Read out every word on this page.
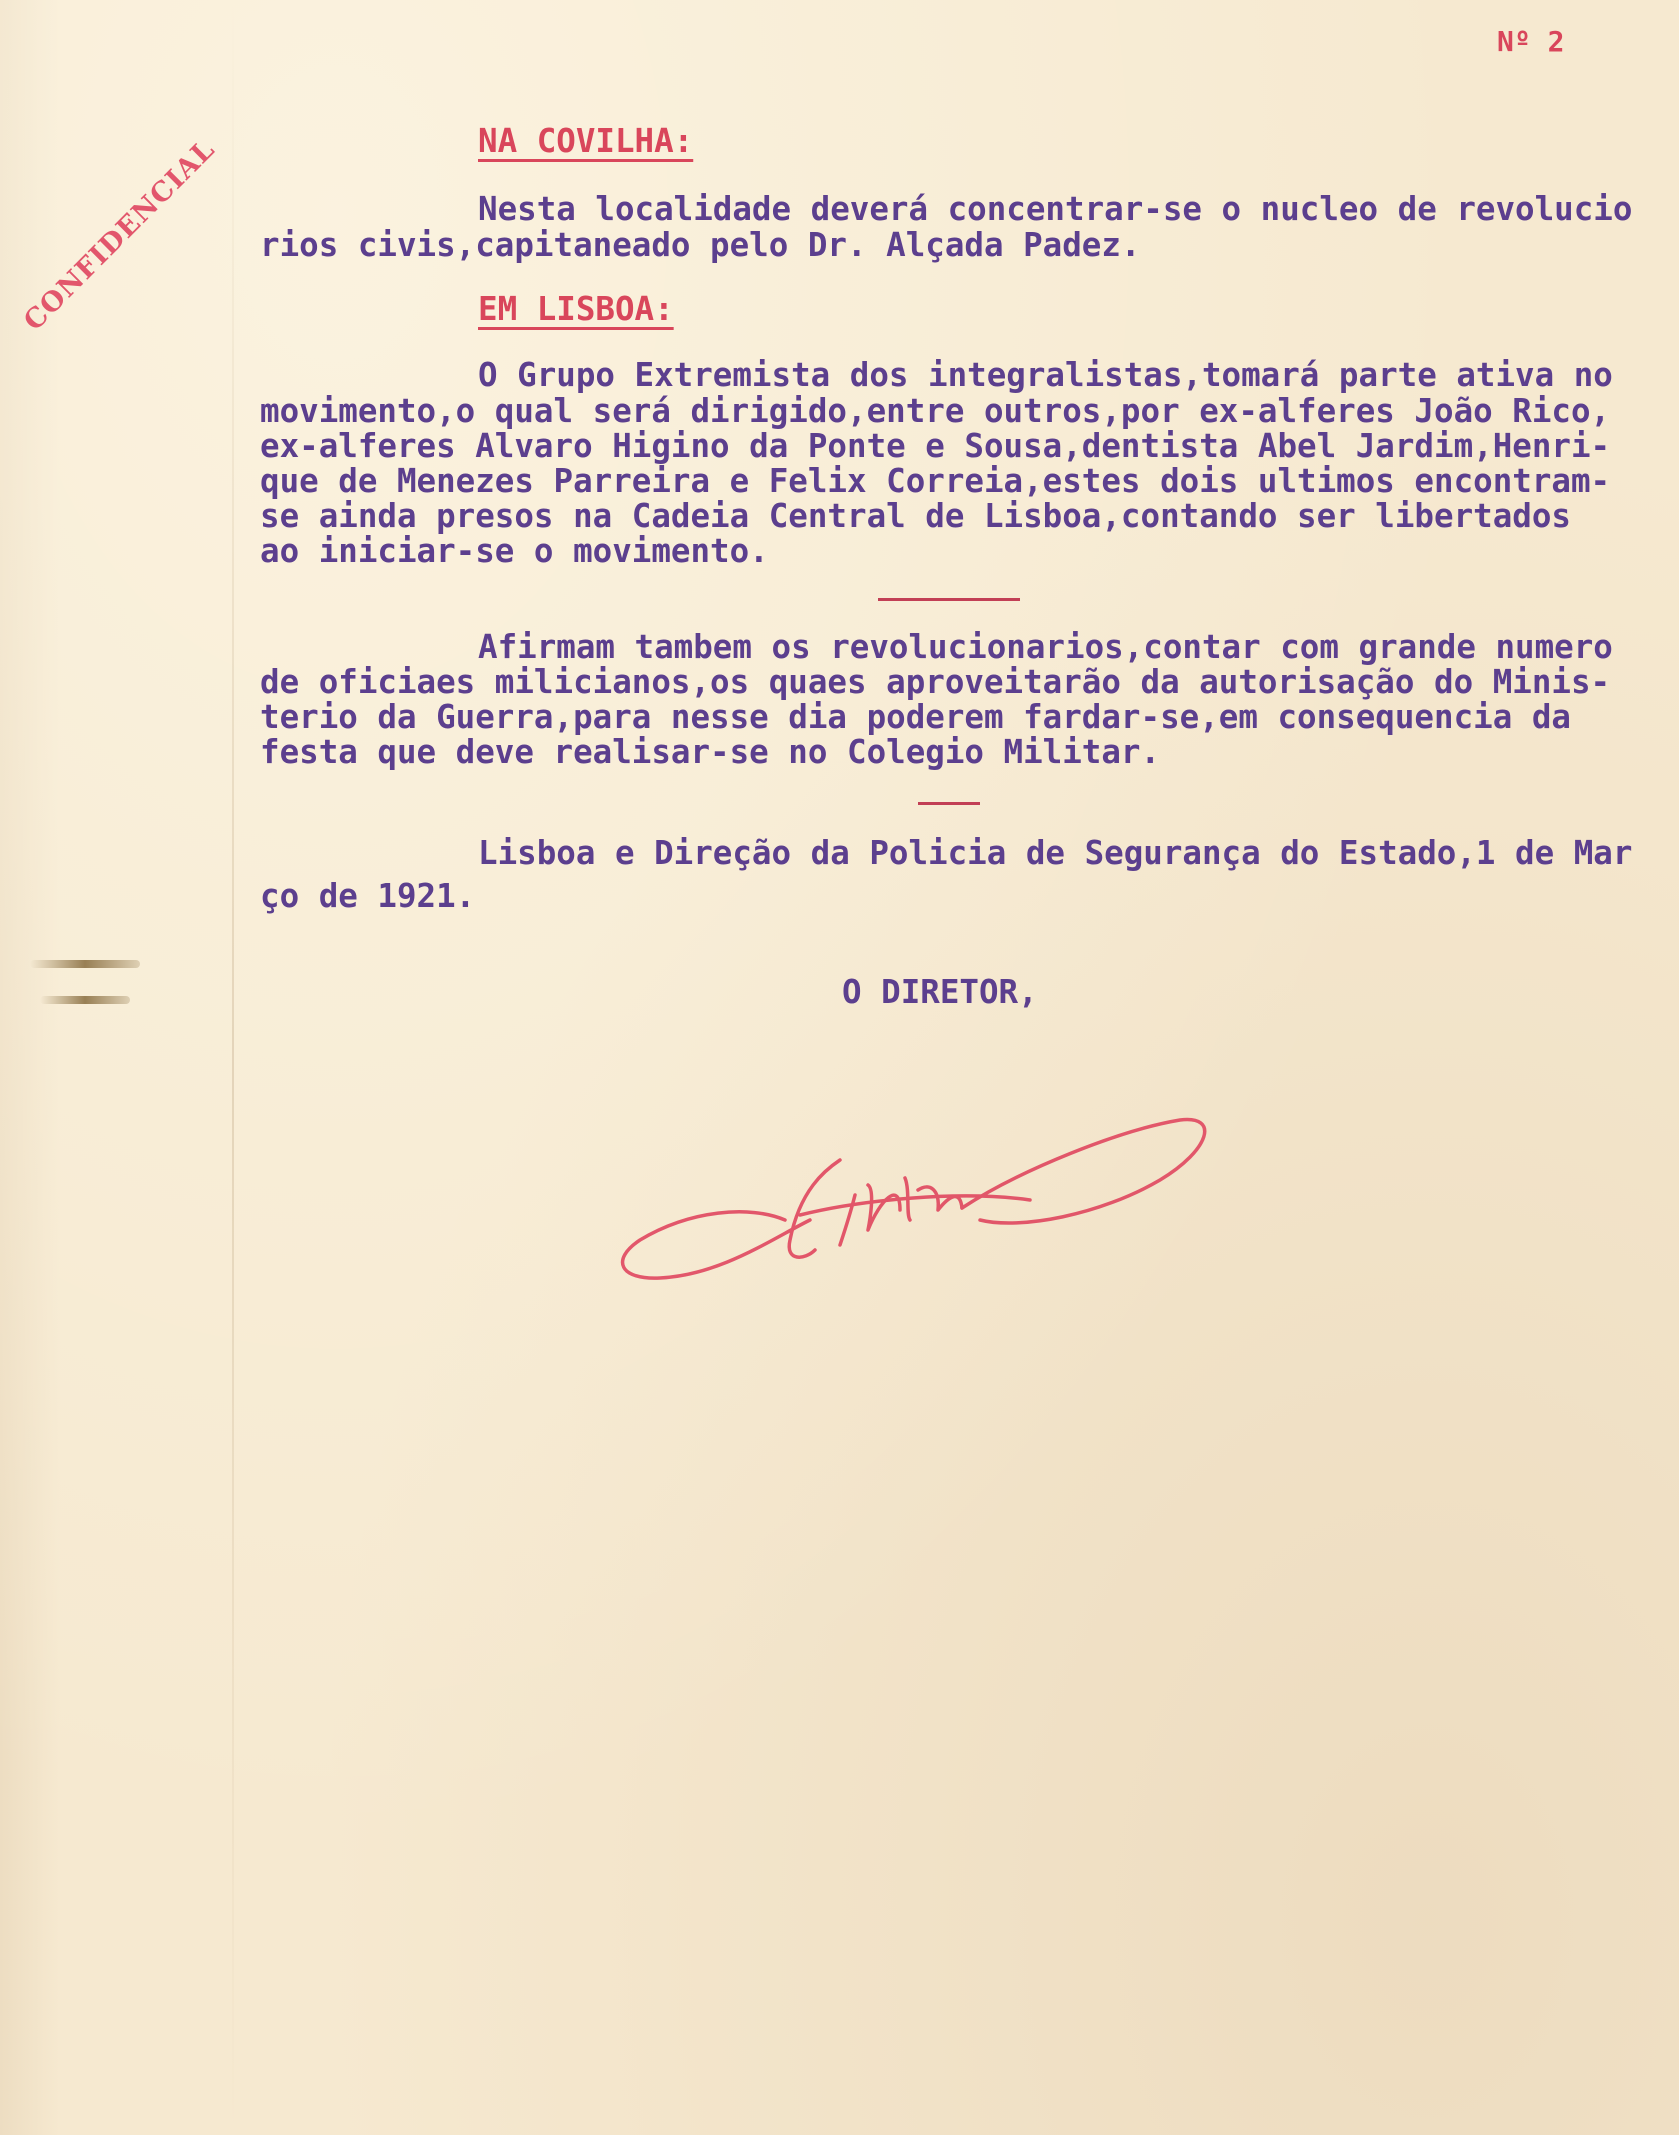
Nº 2
CONFIDENCIAL	NA COVILHA:
Nesta localidade deverá concentrar-se o nucleo de revolucio
rios civis,capitaneado pelo Dr. Alçada Padez.
EM LISBOA:
O Grupo Extremista dos integralistas,tomará parte ativa no
movimento,o qual será dirigido,entre outros,por ex-alferes João Rico,
ex-alferes Alvaro Higino da Ponte e Sousa,dentista Abel Jardim,Henri-
que de Menezes Parreira e Felix Correia,estes dois ultimos encontram-
se ainda presos na Cadeia Central de Lisboa,contando ser libertados
ao iniciar-se o movimento.
Afirmam tambem os revolucionarios,contar com grande numero
de oficiaes milicianos,os quaes aproveitarão da autorisação do Minis-
terio da Guerra,para nesse dia poderem fardar-se,em consequencia da
festa que deve realisar-se no Colegio Militar.
Lisboa e Direção da Policia de Segurança do Estado,1 de Mar
ço de 1921.
O DIRETOR,
